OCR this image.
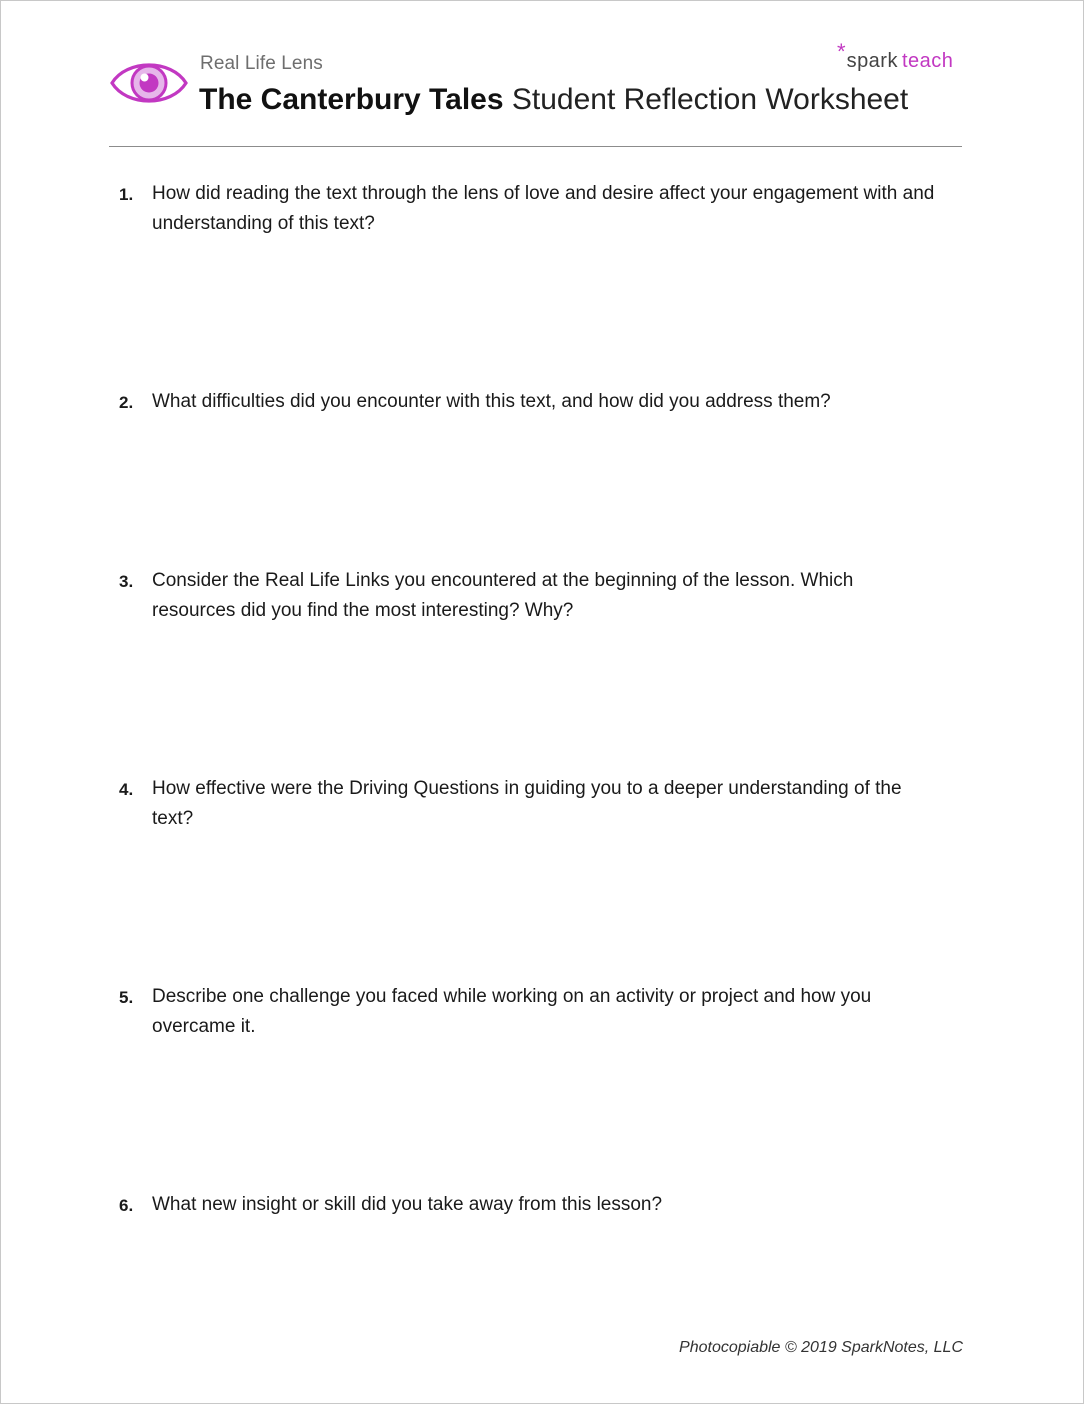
Real Life Lens
The Canterbury Tales Student Reflection Worksheet
*spark teach
1. How did reading the text through the lens of love and desire affect your engagement with and understanding of this text?
2. What difficulties did you encounter with this text, and how did you address them?
3. Consider the Real Life Links you encountered at the beginning of the lesson. Which resources did you find the most interesting? Why?
4. How effective were the Driving Questions in guiding you to a deeper understanding of the text?
5. Describe one challenge you faced while working on an activity or project and how you overcame it.
6. What new insight or skill did you take away from this lesson?
Photocopiable © 2019 SparkNotes, LLC
